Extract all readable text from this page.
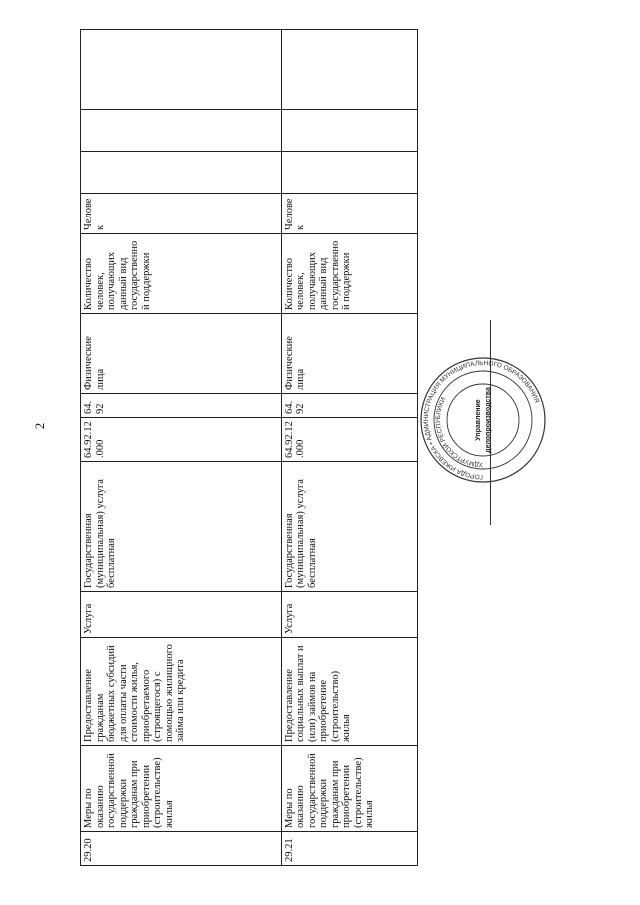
2
29.20	Меры по оказанию государственной поддержки гражданам при приобретении (строительстве) жилья	Предоставление гражданам бюджетных субсидий для оплаты части стоимости жилья, приобретаемого (строящегося) с помощью жилищного займа или кредита	Услуга	Государственная (муниципальная) услуга бесплатная	64.92.12.000	64.92	Физические лица	Количество человек, получающих данный вид государственной поддержки	Человек			
29.21	Меры по оказанию государственной поддержки гражданам при приобретении (строительстве) жилья	Предоставление социальных выплат и (или) займов на приобретение (строительство) жилья	Услуга	Государственная (муниципальная) услуга бесплатная	64.92.12.000	64.92	Физические лица	Количество человек, получающих данный вид государственной поддержки	Человек			
ГОРОДА ИЖЕВСКА • АДМИНИСТРАЦИЯ МУНИЦИПАЛЬНОГО ОБРАЗОВАНИЯ
УДМУРТСКОЙ РЕСПУБЛИКИ	Управление делопроизводства
